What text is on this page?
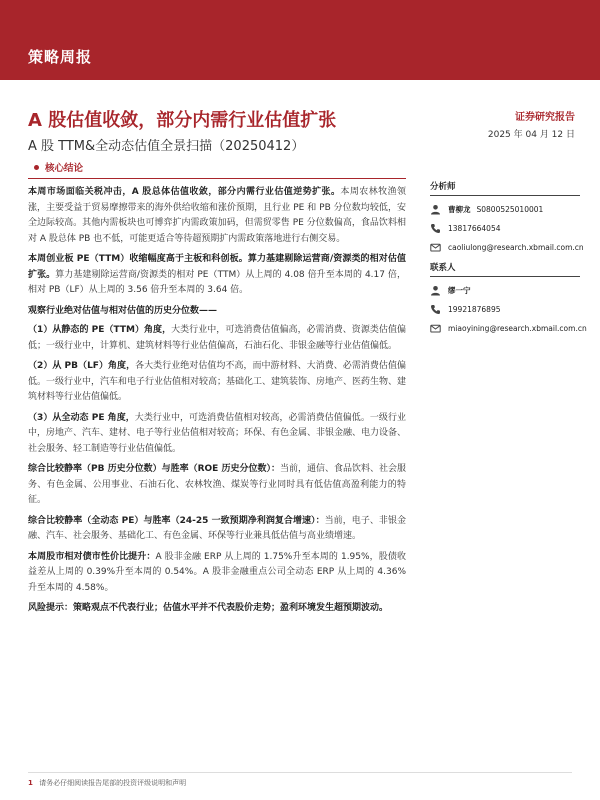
策略周报
A 股估值收敛，部分内需行业估值扩张	证券研究报告
A 股 TTM&全动态估值全景扫描（20250412）
2025 年 04 月 12 日
核心结论

本周市场面临关税冲击，A 股总体估值收敛，部分内需行业估值逆势扩张。本周农林牧渔领涨，主要受益于贸易摩擦带来的海外供给收缩和涨价预期，且行业 PE 和 PB 分位数均较低，安全边际较高。其他内需板块也可博弈扩内需政策加码，但需贸零售 PE 分位数偏高，食品饮料相对 A 股总体 PB 也不低，可能更适合等待超预期扩内需政策落地进行右侧交易。

本周创业板 PE（TTM）收缩幅度高于主板和科创板。算力基建剔除运营商/资源类的相对估值扩张。算力基建剔除运营商/资源类的相对 PE（TTM）从上周的 4.08 倍升至本周的 4.17 倍，相对 PB（LF）从上周的 3.56 倍升至本周的 3.64 倍。

观察行业绝对估值与相对估值的历史分位数——

（1）从静态的 PE（TTM）角度，大类行业中，可选消费估值偏高，必需消费、资源类估值偏低；一级行业中，计算机、建筑材料等行业估值偏高，石油石化、非银金融等行业估值偏低。

（2）从 PB（LF）角度，各大类行业绝对估值均不高，而中游材料、大消费、必需消费估值偏低。一级行业中，汽车和电子行业估值相对较高；基础化工、建筑装饰、房地产、医药生物、建筑材料等行业估值偏低。

（3）从全动态 PE 角度，大类行业中，可选消费估值相对较高，必需消费估值偏低。一级行业中，房地产、汽车、建材、电子等行业估值相对较高；环保、有色金属、非银金融、电力设备、社会服务、轻工制造等行业估值偏低。

综合比较静率（PB 历史分位数）与胜率（ROE 历史分位数）：当前，通信、食品饮料、社会服务、有色金属、公用事业、石油石化、农林牧渔、煤炭等行业同时具有低估值高盈利能力的特征。

综合比较静率（全动态 PE）与胜率（24-25 一致预期净利润复合增速）：当前，电子、非银金融、汽车、社会服务、基础化工、有色金属、环保等行业兼具低估值与高业绩增速。

本周股市相对债市性价比提升：A 股非金融 ERP 从上周的 1.75%升至本周的 1.95%，股债收益差从上周的 0.39%升至本周的 0.54%。A 股非金融重点公司全动态 ERP 从上周的 4.36%升至本周的 4.58%。

风险提示：策略观点不代表行业；估值水平并不代表股价走势；盈利环境发生超预期波动。

分析师
曹柳龙 S0800525010001
13817664054
caoliulong@research.xbmail.com.cn
联系人
缪一宁
19921876895
miaoyining@research.xbmail.com.cn
1 请务必仔细阅读报告尾部的投资评级说明和声明
